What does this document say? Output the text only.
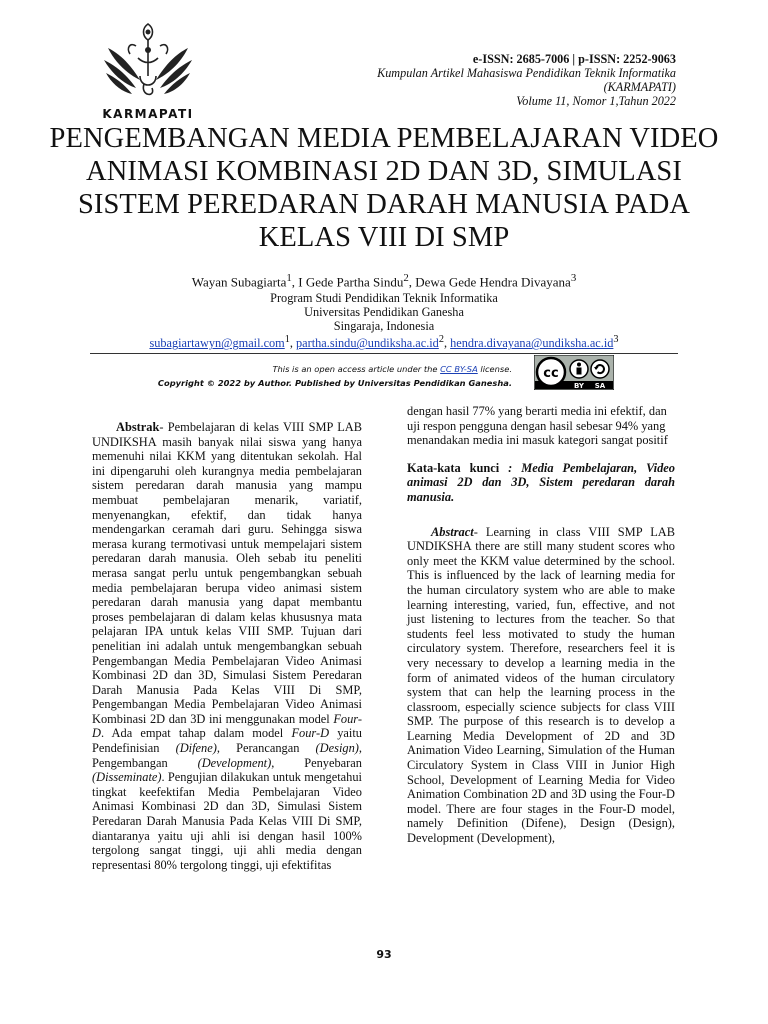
KARMAPATI
e-ISSN: 2685-7006 | p-ISSN: 2252-9063
Kumpulan Artikel Mahasiswa Pendidikan Teknik Informatika
(KARMAPATI)
Volume 11, Nomor 1,Tahun 2022
PENGEMBANGAN MEDIA PEMBELAJARAN VIDEO ANIMASI KOMBINASI 2D DAN 3D, SIMULASI SISTEM PEREDARAN DARAH MANUSIA PADA KELAS VIII DI SMP
Wayan Subagiarta$^1$, I Gede Partha Sindu$^2$, Dewa Gede Hendra Divayana$^3$
Program Studi Pendidikan Teknik Informatika
Universitas Pendidikan Ganesha
Singaraja, Indonesia
subagiartawyn@gmail.com$^1$, $partha.sindu@undiksha.ac.id^2$, $hendra.divayana@undiksha.ac.id^3$
This is an open access article under the CC BY-SA license.
Copyright © 2022 by Author. Published by Universitas Pendidikan Ganesha.
cc
BY SA

Abstrak- Pembelajaran di kelas VIII SMP LAB UNDIKSHA masih banyak nilai siswa yang hanya memenuhi nilai KKM yang ditentukan sekolah. Hal ini dipengaruhi oleh kurangnya media pembelajaran sistem peredaran darah manusia yang mampu membuat pembelajaran menarik, variatif, menyenangkan, efektif, dan tidak hanya mendengarkan ceramah dari guru. Sehingga siswa merasa kurang termotivasi untuk mempelajari sistem peredaran darah manusia. Oleh sebab itu peneliti merasa sangat perlu untuk pengembangkan sebuah media pembelajaran berupa video animasi sistem peredaran darah manusia yang dapat membantu proses pembelajaran di dalam kelas khususnya mata pelajaran IPA untuk kelas VIII SMP. Tujuan dari penelitian ini adalah untuk mengembangkan sebuah Pengembangan Media Pembelajaran Video Animasi Kombinasi 2D dan 3D, Simulasi Sistem Peredaran Darah Manusia Pada Kelas VIII Di SMP, Pengembangan Media Pembelajaran Video Animasi Kombinasi 2D dan 3D ini menggunakan model Four-D. Ada empat tahap dalam model Four-D yaitu Pendefinisian (Difene), Perancangan (Design), Pengembangan (Development), Penyebaran (Disseminate). Pengujian dilakukan untuk mengetahui tingkat keefektifan Media Pembelajaran Video Animasi Kombinasi 2D dan 3D, Simulasi Sistem Peredaran Darah Manusia Pada Kelas VIII Di SMP, diantaranya yaitu uji ahli isi dengan hasil 100% tergolong sangat tinggi, uji ahli media dengan representasi 80% tergolong tinggi, uji efektifitas

dengan hasil 77% yang berarti media ini efektif, dan uji respon pengguna dengan hasil sebesar 94% yang menandakan media ini masuk kategori sangat positif

Kata-kata kunci : Media Pembelajaran, Video animasi 2D dan 3D, Sistem peredaran darah manusia.

Abstract- Learning in class VIII SMP LAB UNDIKSHA there are still many student scores who only meet the KKM value determined by the school. This is influenced by the lack of learning media for the human circulatory system who are able to make learning interesting, varied, fun, effective, and not just listening to lectures from the teacher. So that students feel less motivated to study the human circulatory system. Therefore, researchers feel it is very necessary to develop a learning media in the form of animated videos of the human circulatory system that can help the learning process in the classroom, especially science subjects for class VIII SMP. The purpose of this research is to develop a Learning Media Development of 2D and 3D Animation Video Learning, Simulation of the Human Circulatory System in Class VIII in Junior High School, Development of Learning Media for Video Animation Combination 2D and 3D using the Four-D model. There are four stages in the Four-D model, namely Definition (Difene), Design (Design), Development (Development),

93
